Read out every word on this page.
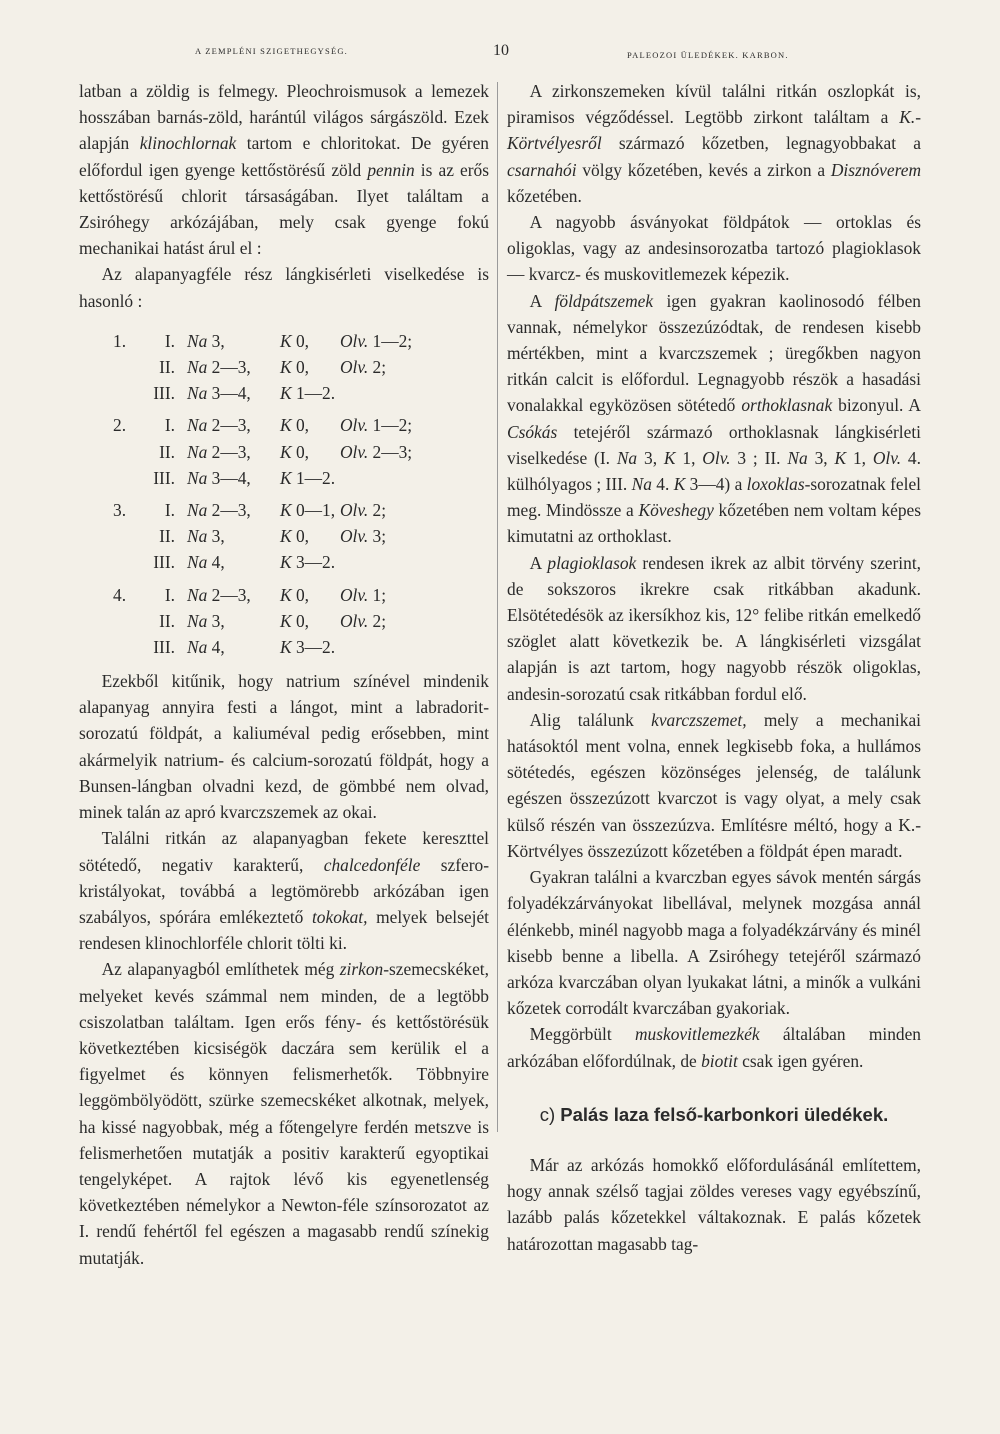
A ZEMPLÉNI SZIGETHEGYSÉG.	10	PALEOZOI ÜLEDÉKEK. KARBON.

latban a zöldig is felmegy. Pleochroismusok a lemezek hosszában barnás-zöld, harántúl világos sárgászöld. Ezek alapján klinochlornak tartom e chloritokat. De gyéren előfordul igen gyenge kettőstörésű zöld pennin is az erős kettőstörésű chlorit társaságában. Ilyet találtam a Zsiróhegy arkózájában, mely csak gyenge fokú mechanikai hatást árul el :

Az alapanyagféle rész lángkisérleti viselkedése is hasonló :

1.	I. Na 3,	K 0, Olv. 1—2;
II. Na 2—3, K 0, Olv. 2;
III. Na 3—4, K 1—2.
2.	I. Na 2—3, K 0, Olv. 1—2;
II. Na 2—3, K 0, Olv. 2—3;
III. Na 3—4, K 1—2.
3.	I. Na 2—3, K 0—1, Olv. 2;
II. Na 3,	K 0, Olv. 3;
III. Na 4,	K 3—2.
4.	I. Na 2—3, K 0, Olv. 1;
II. Na 3,	K 0, Olv. 2;
III. Na 4,	K 3—2.

Ezekből kitűnik, hogy natrium színével mindenik alapanyag annyira festi a lángot, mint a labradorit-sorozatú földpát, a kaliuméval pedig erősebben, mint akármelyik natrium- és calcium-sorozatú földpát, hogy a Bunsen-lángban olvadni kezd, de gömbbé nem olvad, minek talán az apró kvarczszemek az okai.

Találni ritkán az alapanyagban fekete kereszttel sötétedő, negativ karakterű, chalcedonféle szferokristályokat, továbbá a legtömörebb arkózában igen szabályos, spórára emlékeztető tokokat, melyek belsejét rendesen klinochlorféle chlorit tölti ki.

Az alapanyagból említhetek még zirkon-szemecskéket, melyeket kevés számmal nem minden, de a legtöbb csiszolatban találtam. Igen erős fény- és kettőstörésük következtében kicsiségök daczára sem kerülik el a figyelmet és könnyen felismerhetők. Többnyire leggömbölyödött, szürke szemecskéket alkotnak, melyek, ha kissé nagyobbak, még a főtengelyre ferdén metszve is felismerhetően mutatják a positiv karakterű egyoptikai tengelyképet. A rajtok lévő kis egyenetlenség következtében némelykor a Newton-féle színsorozatot az I. rendű fehértől fel egészen a magasabb rendű színekig mutatják.

A zirkonszemeken kívül találni ritkán oszlopkát is, piramisos végződéssel. Legtöbb zirkont találtam a K.-Körtvélyesről származó kőzetben, legnagyobbakat a csarnahói völgy kőzetében, kevés a zirkon a Disznóverem kőzetében.

A nagyobb ásványokat földpátok — ortoklas és oligoklas, vagy az andesinsorozatba tartozó plagioklasok — kvarcz- és muskovitlemezek képezik.

A földpátszemek igen gyakran kaolinosodó félben vannak, némelykor összezúzódtak, de rendesen kisebb mértékben, mint a kvarczszemek ; üregőkben nagyon ritkán calcit is előfordul. Legnagyobb részök a hasadási vonalakkal egyközösen sötétedő orthoklasnak bizonyul. A Csókás tetejéről származó orthoklasnak lángkisérleti viselkedése (I. Na 3, K 1, Olv. 3 ; II. Na 3, K 1, Olv. 4. külhólyagos ; III. Na 4. K 3—4) a loxoklas-sorozatnak felel meg. Mindössze a Köveshegy kőzetében nem voltam képes kimutatni az orthoklast.

A plagioklasok rendesen ikrek az albit törvény szerint, de sokszoros ikrekre csak ritkábban akadunk. Elsötétedésök az ikersíkhoz kis, 12° felibe ritkán emelkedő szöglet alatt következik be. A lángkisérleti vizsgálat alapján is azt tartom, hogy nagyobb részök oligoklas, andesin-sorozatú csak ritkábban fordul elő.

Alig találunk kvarczszemet, mely a mechanikai hatásoktól ment volna, ennek legkisebb foka, a hullámos sötétedés, egészen közönséges jelenség, de találunk egészen összezúzott kvarczot is vagy olyat, a mely csak külső részén van összezúzva. Említésre méltó, hogy a K.-Körtvélyes összezúzott kőzetében a földpát épen maradt.

Gyakran találni a kvarczban egyes sávok mentén sárgás folyadékzárványokat libellával, melynek mozgása annál élénkebb, minél nagyobb maga a folyadékzárvány és minél kisebb benne a libella. A Zsiróhegy tetejéről származó arkóza kvarczában olyan lyukakat látni, a minők a vulkáni kőzetek corrodált kvarczában gyakoriak.

Meggörbült muskovitlemezkék általában minden arkózában előfordúlnak, de biotit csak igen gyéren.

c) Palás laza felső-karbonkori üledékek.

Már az arkózás homokkő előfordulásánál említettem, hogy annak szélső tagjai zöldes vereses vagy egyébszínű, lazább palás kőzetekkel váltakoznak. E palás kőzetek határozottan magasabb tag-
